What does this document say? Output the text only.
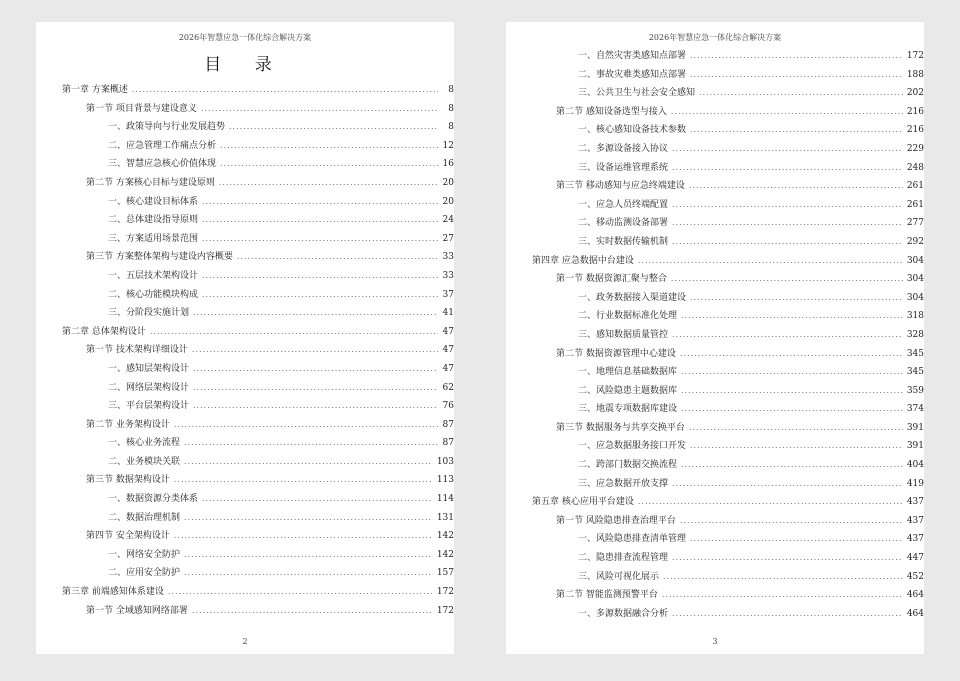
2026年智慧应急一体化综合解决方案
目 录
第一章 方案概述 .....	8
第一节 项目背景与建设意义 .....	8
一、政策导向与行业发展趋势 .....	8
二、应急管理工作痛点分析 .....	12
三、智慧应急核心价值体现 .....	16
第二节 方案核心目标与建设原则 .....	20
一、核心建设目标体系 .....	20
二、总体建设指导原则 .....	24
三、方案适用场景范围 .....	27
第三节 方案整体架构与建设内容概要 .....	33
一、五层技术架构设计 .....	33
二、核心功能模块构成 .....	37
三、分阶段实施计划 .....	41
第二章 总体架构设计 .....	47
第一节 技术架构详细设计 .....	47
一、感知层架构设计 .....	47
二、网络层架构设计 .....	62
三、平台层架构设计 .....	76
第二节 业务架构设计 .....	87
一、核心业务流程 .....	87
二、业务模块关联 .....	103
第三节 数据架构设计 .....	113
一、数据资源分类体系 .....	114
二、数据治理机制 .....	131
第四节 安全架构设计 .....	142
一、网络安全防护 .....	142
二、应用安全防护 .....	157
第三章 前端感知体系建设 .....	172
第一节 全域感知网络部署 .....	172
2
2026年智慧应急一体化综合解决方案
一、自然灾害类感知点部署 .....	172
二、事故灾难类感知点部署 .....	188
三、公共卫生与社会安全感知 .....	202
第二节 感知设备选型与接入 .....	216
一、核心感知设备技术参数 .....	216
二、多源设备接入协议 .....	229
三、设备运维管理系统 .....	248
第三节 移动感知与应急终端建设 .....	261
一、应急人员终端配置 .....	261
二、移动监测设备部署 .....	277
三、实时数据传输机制 .....	292
第四章 应急数据中台建设 .....	304
第一节 数据资源汇聚与整合 .....	304
一、政务数据接入渠道建设 .....	304
二、行业数据标准化处理 .....	318
三、感知数据质量管控 .....	328
第二节 数据资源管理中心建设 .....	345
一、地理信息基础数据库 .....	345
二、风险隐患主题数据库 .....	359
三、地震专项数据库建设 .....	374
第三节 数据服务与共享交换平台 .....	391
一、应急数据服务接口开发 .....	391
二、跨部门数据交换流程 .....	404
三、应急数据开放支撑 .....	419
第五章 核心应用平台建设 .....	437
第一节 风险隐患排查治理平台 .....	437
一、风险隐患排查清单管理 .....	437
二、隐患排查流程管理 .....	447
三、风险可视化展示 .....	452
第二节 智能监测预警平台 .....	464
一、多源数据融合分析 .....	464
3
